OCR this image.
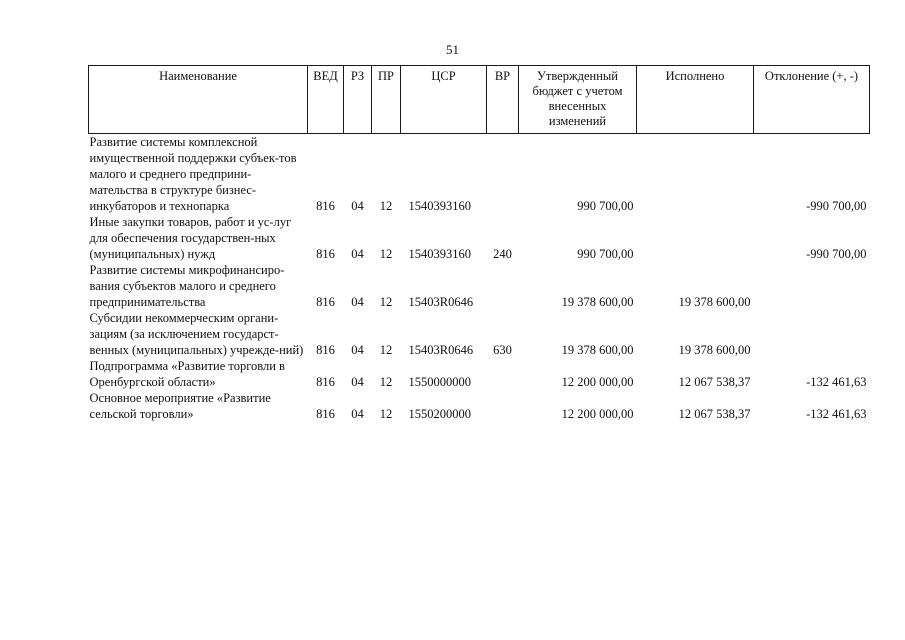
51
Наименование	ВЕД	РЗ	ПР	ЦСР	ВР	Утвержденный бюджет с учетом внесенных изменений	Исполнено	Отклонение (+, -)
Развитие системы комплексной имущественной поддержки субъек-тов малого и среднего предприни-мательства в структуре бизнес-инкубаторов и технопарка	816	04	12	1540393160		990 700,00		-990 700,00
Иные закупки товаров, работ и ус-луг для обеспечения государствен-ных (муниципальных) нужд	816	04	12	1540393160	240	990 700,00		-990 700,00
Развитие системы микрофинансиро-вания субъектов малого и среднего предпринимательства	816	04	12	15403R0646		19 378 600,00	19 378 600,00	
Субсидии некоммерческим органи-зациям (за исключением государст-венных (муниципальных) учрежде-ний)	816	04	12	15403R0646	630	19 378 600,00	19 378 600,00	
Подпрограмма «Развитие торговли в Оренбургской области»	816	04	12	1550000000		12 200 000,00	12 067 538,37	-132 461,63
Основное мероприятие «Развитие сельской торговли»	816	04	12	1550200000		12 200 000,00	12 067 538,37	-132 461,63
